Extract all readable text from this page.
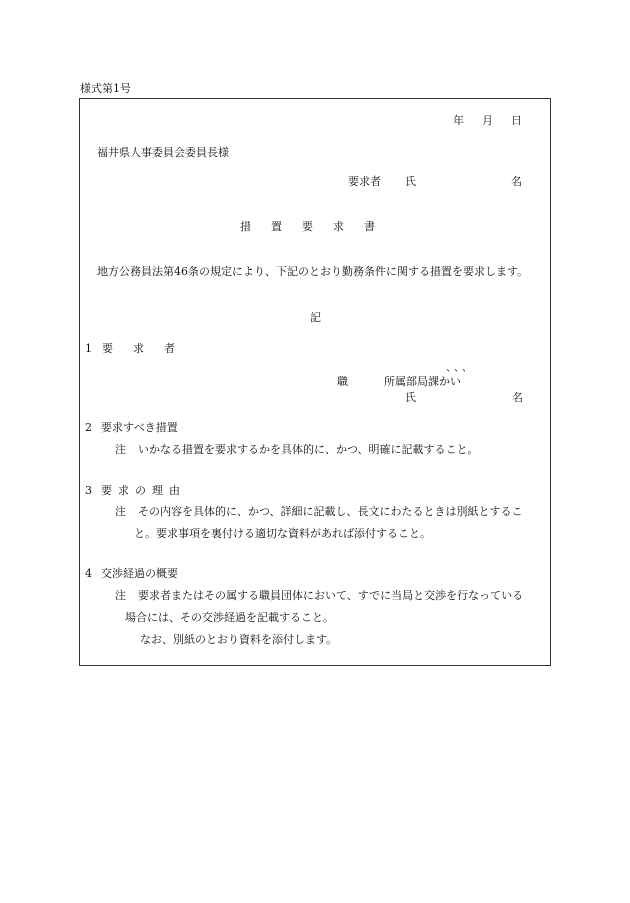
様式第1号
年 月 日
福井県人事委員会委員長様
要求者 氏	名
措 置 要 求 書
地方公務員法第46条の規定により、下記のとおり勤務条件に関する措置を要求します。
記
1 要 求 者
職
、、、
所属部局課かい
氏	名
2 要求すべき措置
注 いかなる措置を要求するかを具体的に、かつ、明確に記載すること。
3 要 求 の 理 由
注 その内容を具体的に、かつ、詳細に記載し、長文にわたるときは別紙とするこ
と。要求事項を裏付ける適切な資料があれば添付すること。
4 交渉経過の概要
注 要求者またはその属する職員団体において、すでに当局と交渉を行なっている
場合には、その交渉経過を記載すること。
なお、別紙のとおり資料を添付します。
